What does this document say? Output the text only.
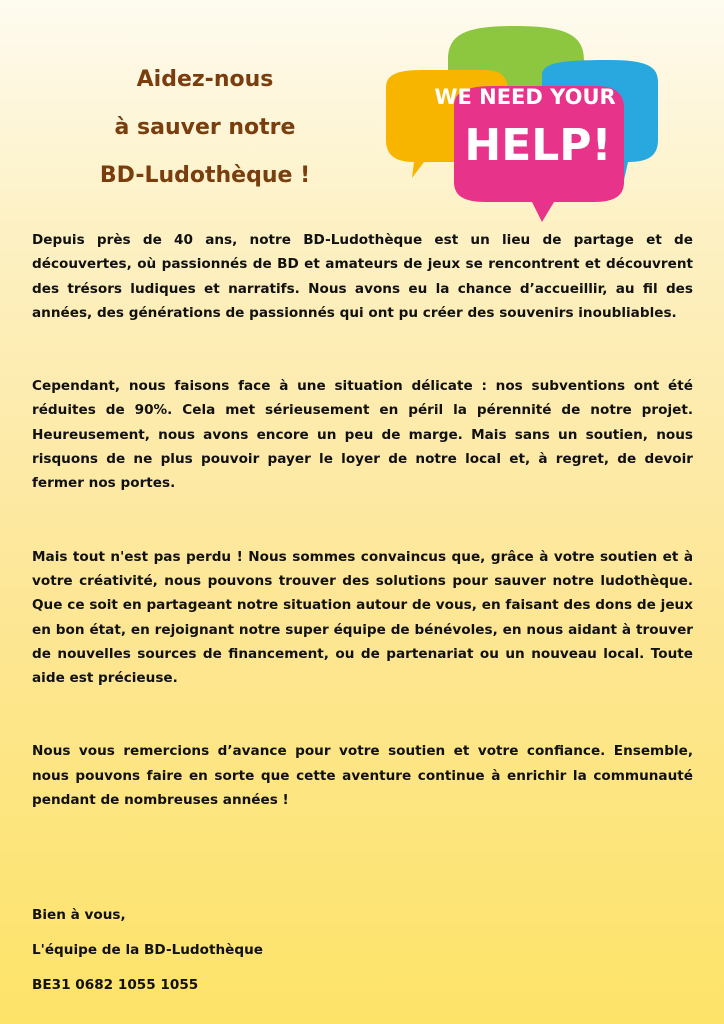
Aidez-nous
à sauver notre
BD-Ludothèque !
WE NEED YOUR
HELP!

Depuis près de 40 ans, notre BD-Ludothèque est un lieu de partage et de découvertes, où passionnés de BD et amateurs de jeux se rencontrent et découvrent des trésors ludiques et narratifs. Nous avons eu la chance d’accueillir, au fil des années, des générations de passionnés qui ont pu créer des souvenirs inoubliables.

Cependant, nous faisons face à une situation délicate : nos subventions ont été réduites de 90%. Cela met sérieusement en péril la pérennité de notre projet. Heureusement, nous avons encore un peu de marge. Mais sans un soutien, nous risquons de ne plus pouvoir payer le loyer de notre local et, à regret, de devoir fermer nos portes.

Mais tout n'est pas perdu ! Nous sommes convaincus que, grâce à votre soutien et à votre créativité, nous pouvons trouver des solutions pour sauver notre ludothèque. Que ce soit en partageant notre situation autour de vous, en faisant des dons de jeux en bon état, en rejoignant notre super équipe de bénévoles, en nous aidant à trouver de nouvelles sources de financement, ou de partenariat ou un nouveau local. Toute aide est précieuse.

Nous vous remercions d’avance pour votre soutien et votre confiance. Ensemble, nous pouvons faire en sorte que cette aventure continue à enrichir la communauté pendant de nombreuses années !

Bien à vous,
L'équipe de la BD-Ludothèque
BE31 0682 1055 1055
